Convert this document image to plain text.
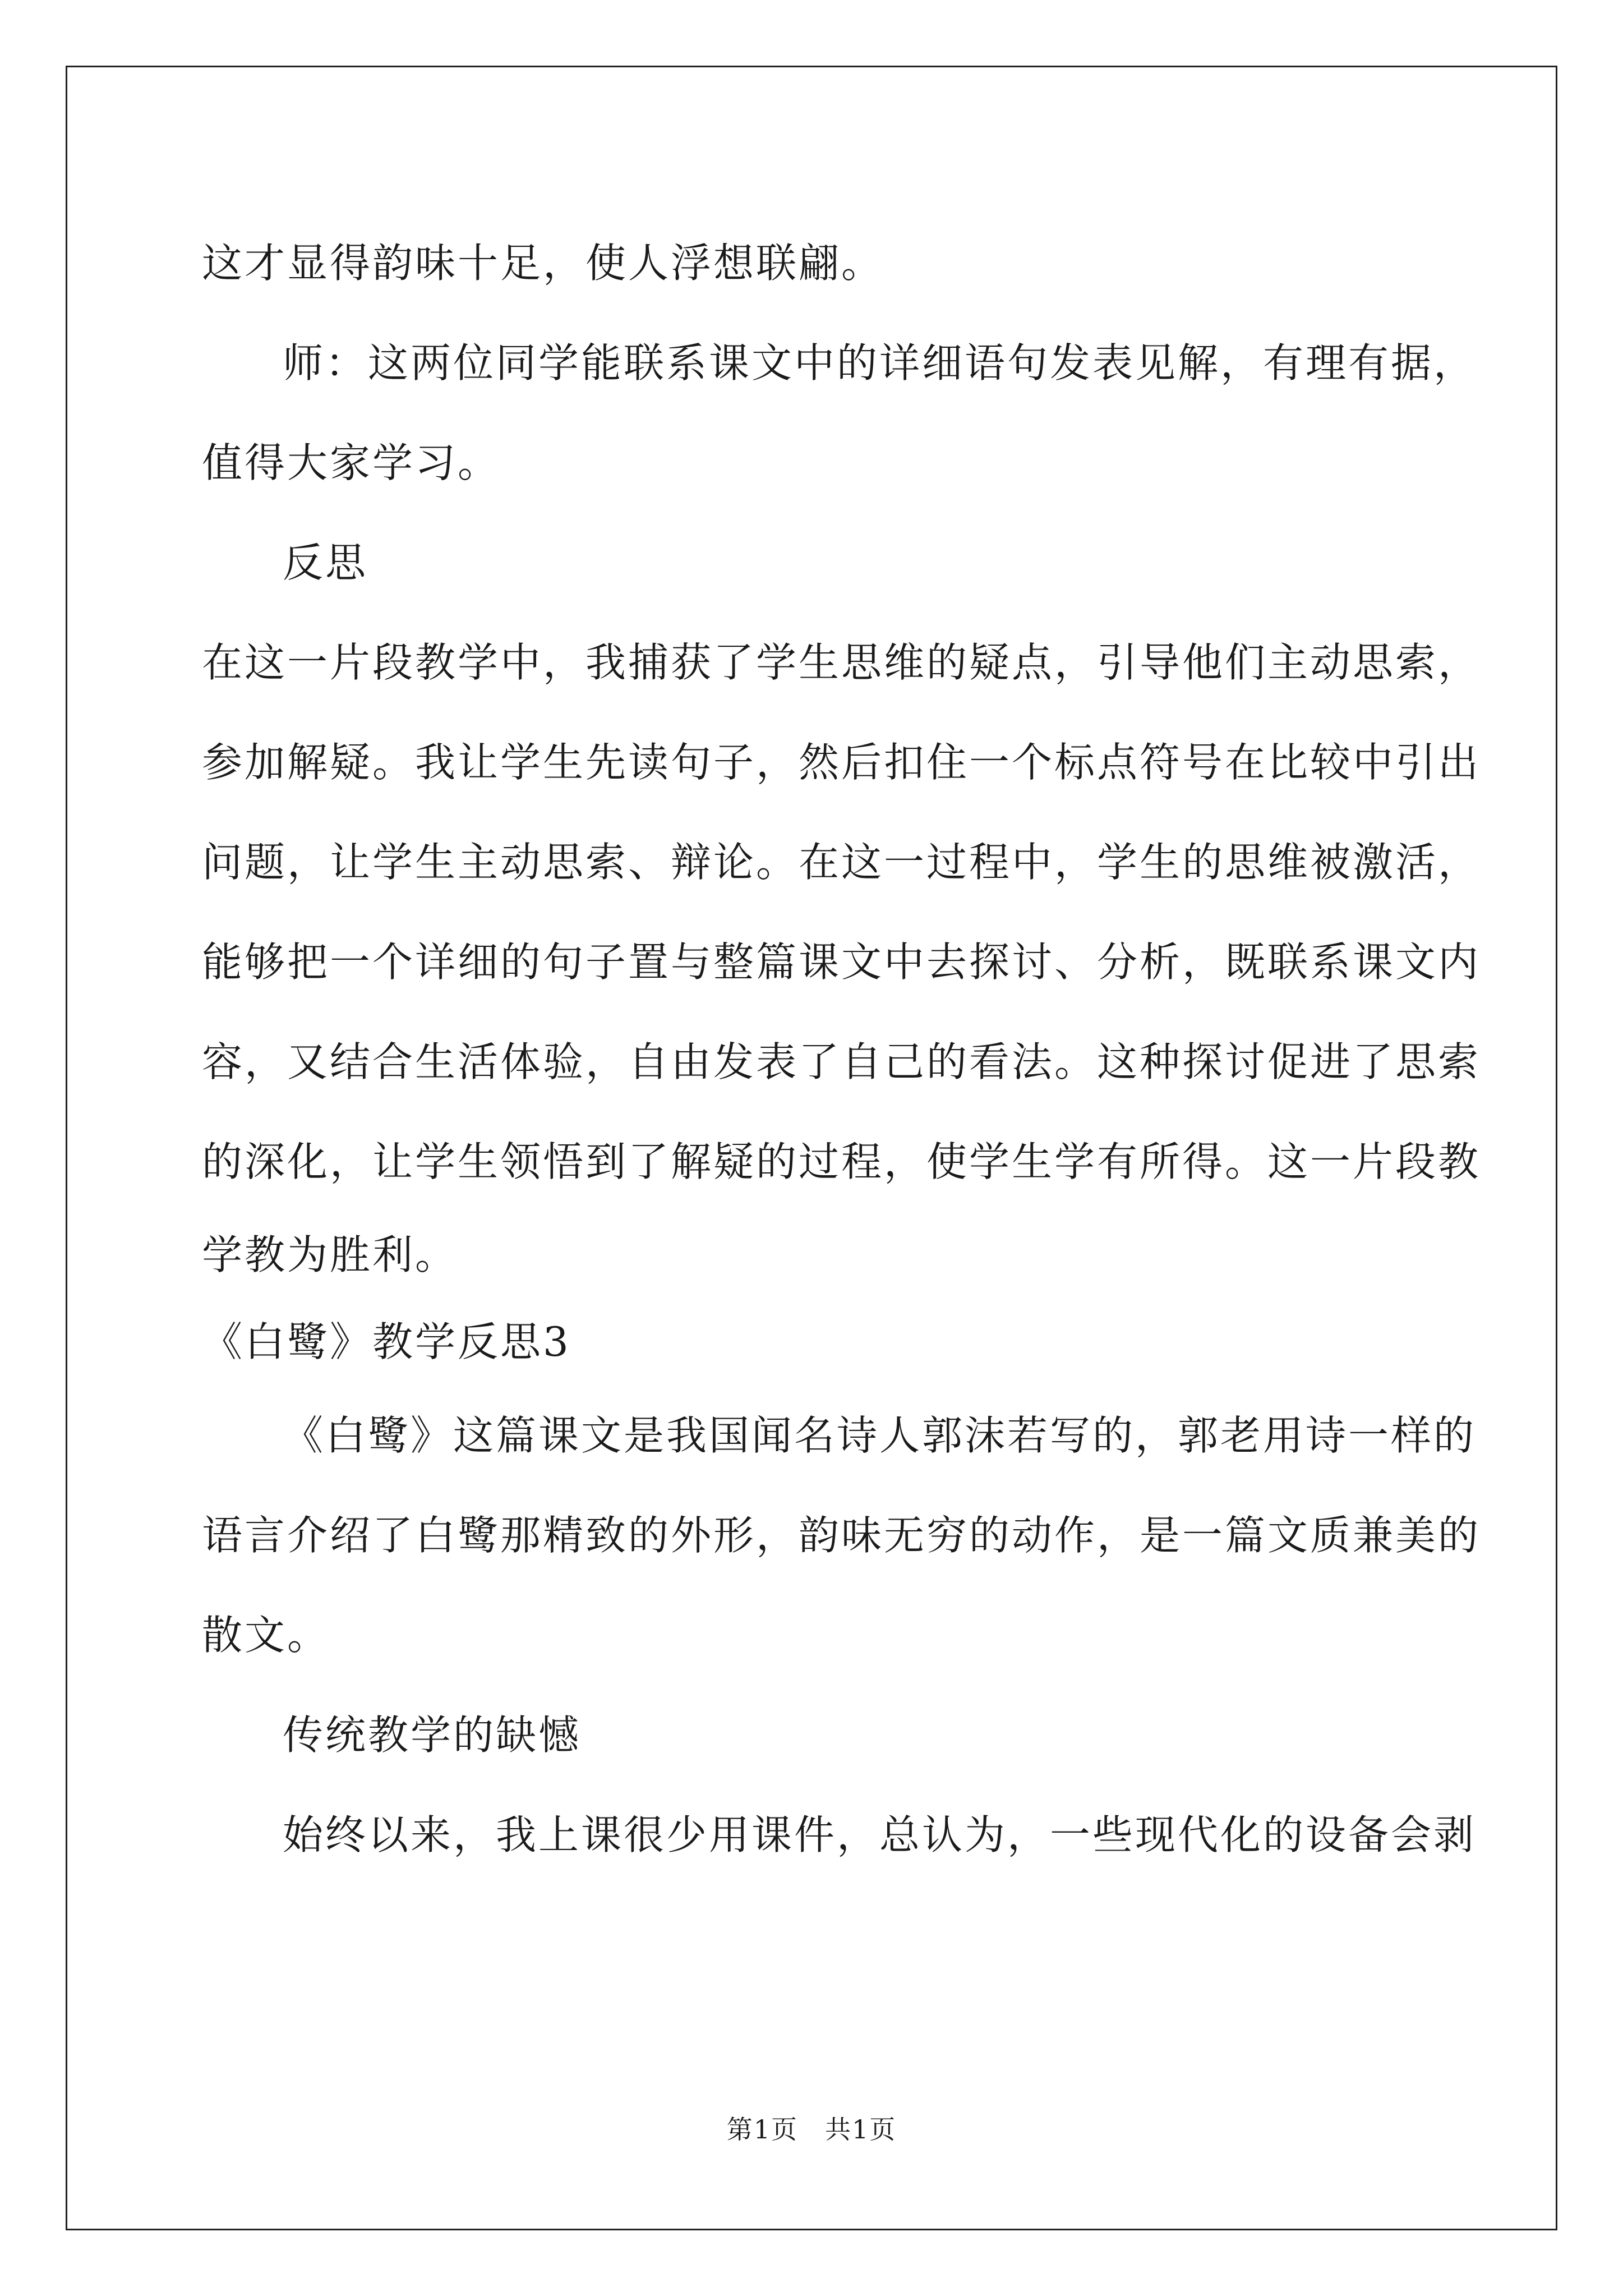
这才显得韵味十足，使人浮想联翩。
师：这两位同学能联系课文中的详细语句发表见解，有理有据，
值得大家学习。
反思
在这一片段教学中，我捕获了学生思维的疑点，引导他们主动思索，
参加解疑。我让学生先读句子，然后扣住一个标点符号在比较中引出
问题，让学生主动思索、辩论。在这一过程中，学生的思维被激活，
能够把一个详细的句子置与整篇课文中去探讨、分析，既联系课文内
容，又结合生活体验，自由发表了自己的看法。这种探讨促进了思索
的深化，让学生领悟到了解疑的过程，使学生学有所得。这一片段教
学教为胜利。
《白鹭》教学反思3
《白鹭》这篇课文是我国闻名诗人郭沫若写的，郭老用诗一样的
语言介绍了白鹭那精致的外形，韵味无穷的动作，是一篇文质兼美的
散文。
传统教学的缺憾
始终以来，我上课很少用课件，总认为，一些现代化的设备会剥
第1页　共1页
